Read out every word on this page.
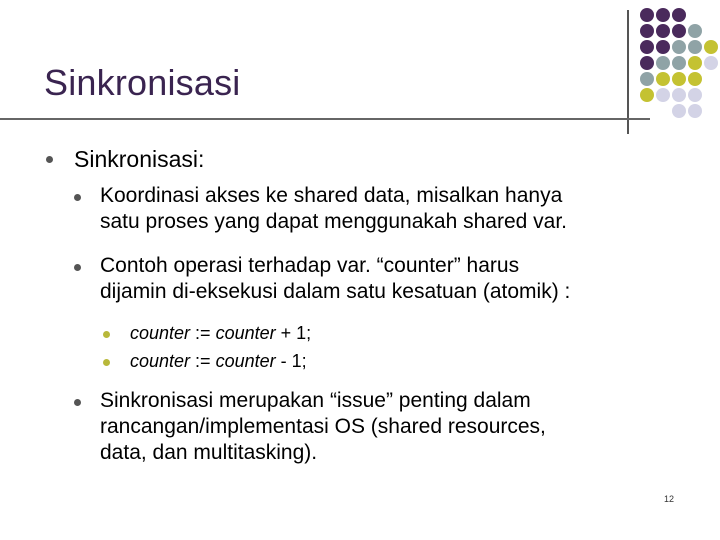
Sinkronisasi
Sinkronisasi:
Koordinasi akses ke shared data, misalkan hanya
satu proses yang dapat menggunakah shared var.
Contoh operasi terhadap var. “counter” harus
dijamin di-eksekusi dalam satu kesatuan (atomik) :
counter := counter + 1;
counter := counter - 1;
Sinkronisasi merupakan “issue” penting dalam
rancangan/implementasi OS (shared resources,
data, dan multitasking).
12
